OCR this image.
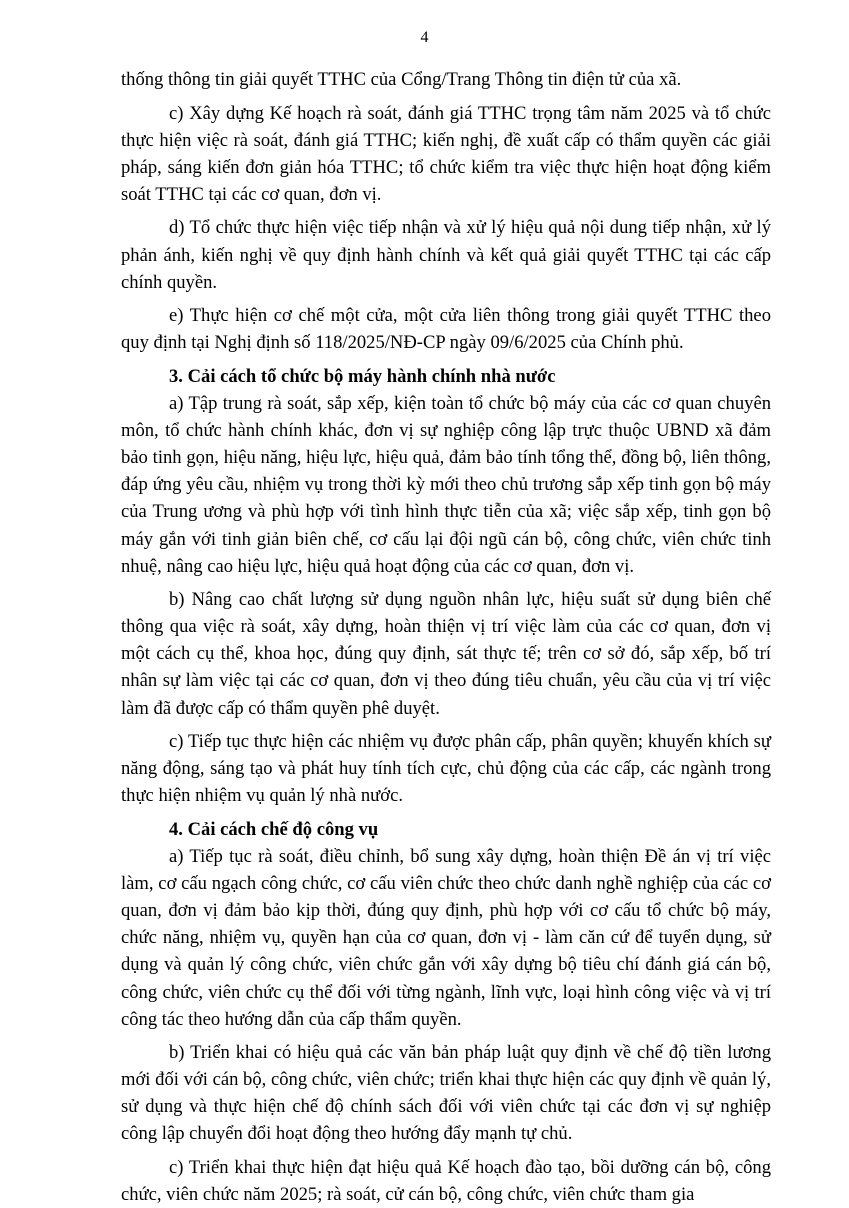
4

thống thông tin giải quyết TTHC của Cổng/Trang Thông tin điện tử của xã.

c) Xây dựng Kế hoạch rà soát, đánh giá TTHC trọng tâm năm 2025 và tổ chức thực hiện việc rà soát, đánh giá TTHC; kiến nghị, đề xuất cấp có thẩm quyền các giải pháp, sáng kiến đơn giản hóa TTHC; tổ chức kiểm tra việc thực hiện hoạt động kiểm soát TTHC tại các cơ quan, đơn vị.

d) Tổ chức thực hiện việc tiếp nhận và xử lý hiệu quả nội dung tiếp nhận, xử lý phản ánh, kiến nghị về quy định hành chính và kết quả giải quyết TTHC tại các cấp chính quyền.

e) Thực hiện cơ chế một cửa, một cửa liên thông trong giải quyết TTHC theo quy định tại Nghị định số 118/2025/NĐ-CP ngày 09/6/2025 của Chính phủ.

3. Cải cách tổ chức bộ máy hành chính nhà nước

a) Tập trung rà soát, sắp xếp, kiện toàn tổ chức bộ máy của các cơ quan chuyên môn, tổ chức hành chính khác, đơn vị sự nghiệp công lập trực thuộc UBND xã đảm bảo tinh gọn, hiệu năng, hiệu lực, hiệu quả, đảm bảo tính tổng thể, đồng bộ, liên thông, đáp ứng yêu cầu, nhiệm vụ trong thời kỳ mới theo chủ trương sắp xếp tinh gọn bộ máy của Trung ương và phù hợp với tình hình thực tiễn của xã; việc sắp xếp, tinh gọn bộ máy gắn với tinh giản biên chế, cơ cấu lại đội ngũ cán bộ, công chức, viên chức tinh nhuệ, nâng cao hiệu lực, hiệu quả hoạt động của các cơ quan, đơn vị.

b) Nâng cao chất lượng sử dụng nguồn nhân lực, hiệu suất sử dụng biên chế thông qua việc rà soát, xây dựng, hoàn thiện vị trí việc làm của các cơ quan, đơn vị một cách cụ thể, khoa học, đúng quy định, sát thực tế; trên cơ sở đó, sắp xếp, bố trí nhân sự làm việc tại các cơ quan, đơn vị theo đúng tiêu chuẩn, yêu cầu của vị trí việc làm đã được cấp có thẩm quyền phê duyệt.

c) Tiếp tục thực hiện các nhiệm vụ được phân cấp, phân quyền; khuyến khích sự năng động, sáng tạo và phát huy tính tích cực, chủ động của các cấp, các ngành trong thực hiện nhiệm vụ quản lý nhà nước.

4. Cải cách chế độ công vụ

a) Tiếp tục rà soát, điều chỉnh, bổ sung xây dựng, hoàn thiện Đề án vị trí việc làm, cơ cấu ngạch công chức, cơ cấu viên chức theo chức danh nghề nghiệp của các cơ quan, đơn vị đảm bảo kịp thời, đúng quy định, phù hợp với cơ cấu tổ chức bộ máy, chức năng, nhiệm vụ, quyền hạn của cơ quan, đơn vị - làm căn cứ để tuyển dụng, sử dụng và quản lý công chức, viên chức gắn với xây dựng bộ tiêu chí đánh giá cán bộ, công chức, viên chức cụ thể đối với từng ngành, lĩnh vực, loại hình công việc và vị trí công tác theo hướng dẫn của cấp thẩm quyền.

b) Triển khai có hiệu quả các văn bản pháp luật quy định về chế độ tiền lương mới đối với cán bộ, công chức, viên chức; triển khai thực hiện các quy định về quản lý, sử dụng và thực hiện chế độ chính sách đối với viên chức tại các đơn vị sự nghiệp công lập chuyển đổi hoạt động theo hướng đẩy mạnh tự chủ.

c) Triển khai thực hiện đạt hiệu quả Kế hoạch đào tạo, bồi dưỡng cán bộ, công chức, viên chức năm 2025; rà soát, cử cán bộ, công chức, viên chức tham gia
